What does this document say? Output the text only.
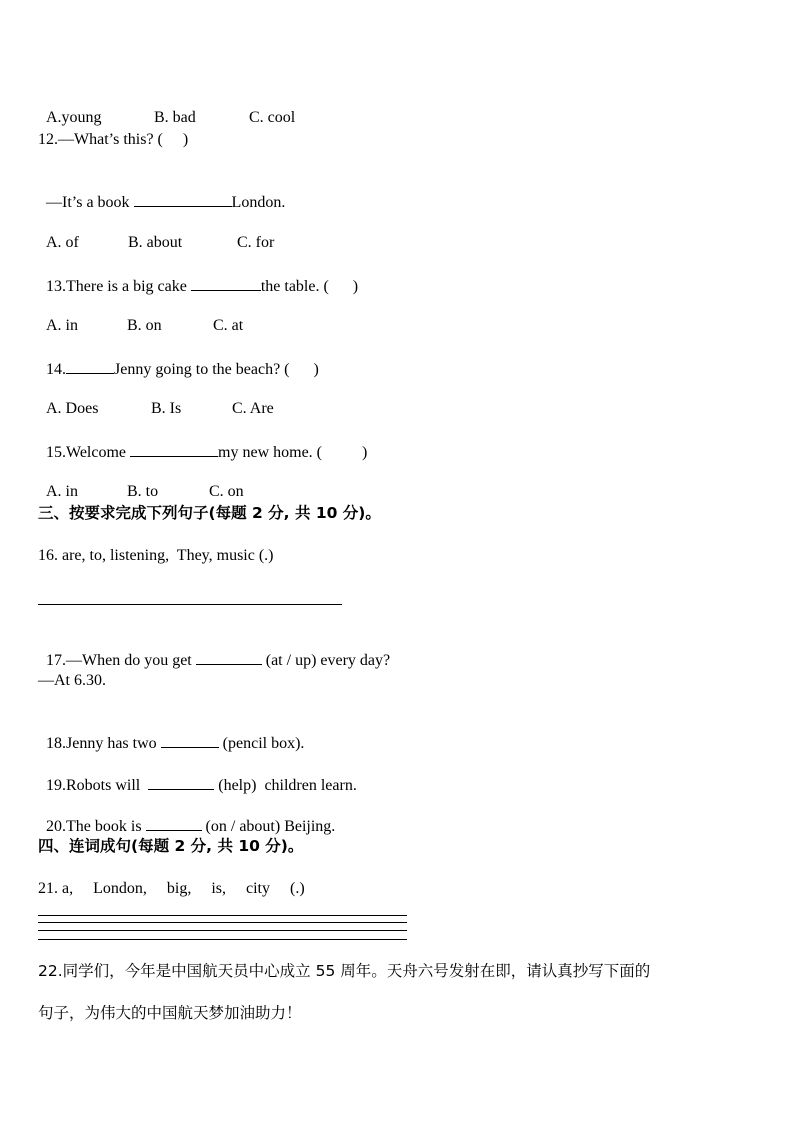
A.young	B. bad	C. cool

12.—What’s this? (     )

—It’s a book	London.

A. of	B. about	C. for

13.There is a big cake	the table. (      )

A. in	B. on	C. at

14.	Jenny going to the beach? (      )

A. Does	B. Is	C. Are

15.Welcome	my new home. (          )

A. in	B. to	C. on

三、按要求完成下列句子(每题 2 分, 共 10 分)。
16. are, to, listening,  They, music (.)

17.—When do you get	(at / up) every day?

—At 6.30.

18.Jenny has two	(pencil box).

19.Robots will	(help)  children learn.

20.The book is	(on / about) Beijing.

四、连词成句(每题 2 分, 共 10 分)。
21. a,     London,     big,     is,     city     (.)
22.同学们，今年是中国航天员中心成立 55 周年。天舟六号发射在即，请认真抄写下面的
句子，为伟大的中国航天梦加油助力！
